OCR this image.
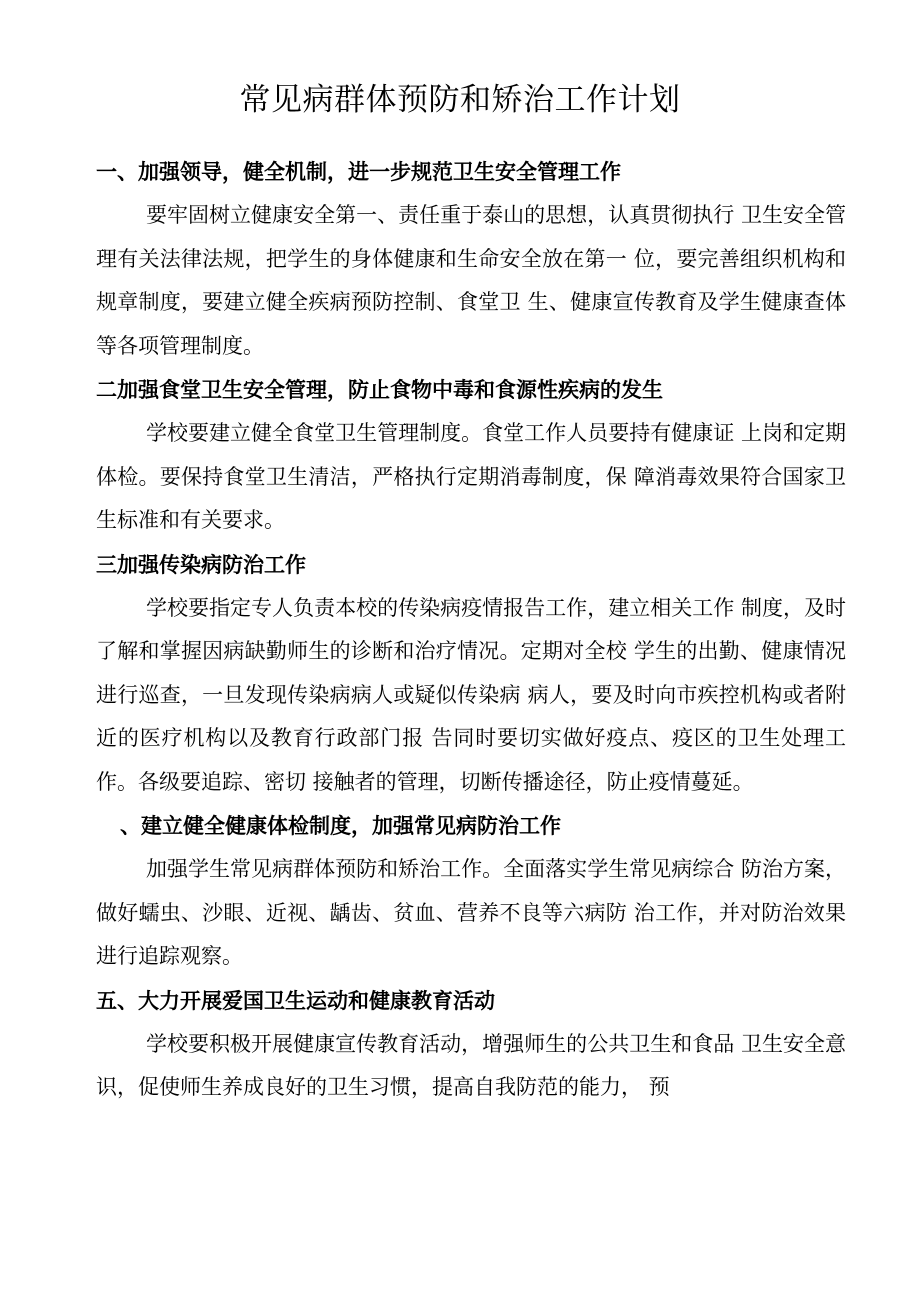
常见病群体预防和矫治工作计划

一、加强领导，健全机制，进一步规范卫生安全管理工作

要牢固树立健康安全第一、责任重于泰山的思想，认真贯彻执行 卫生安全管理有关法律法规，把学生的身体健康和生命安全放在第一 位，要完善组织机构和规章制度，要建立健全疾病预防控制、食堂卫 生、健康宣传教育及学生健康查体等各项管理制度。

二加强食堂卫生安全管理，防止食物中毒和食源性疾病的发生

学校要建立健全食堂卫生管理制度。食堂工作人员要持有健康证 上岗和定期体检。要保持食堂卫生清洁，严格执行定期消毒制度，保 障消毒效果符合国家卫生标准和有关要求。

三加强传染病防治工作

学校要指定专人负责本校的传染病疫情报告工作，建立相关工作 制度，及时了解和掌握因病缺勤师生的诊断和治疗情况。定期对全校 学生的出勤、健康情况进行巡查，一旦发现传染病病人或疑似传染病 病人，要及时向市疾控机构或者附近的医疗机构以及教育行政部门报 告同时要切实做好疫点、疫区的卫生处理工作。各级要追踪、密切 接触者的管理，切断传播途径，防止疫情蔓延。

、建立健全健康体检制度，加强常见病防治工作

加强学生常见病群体预防和矫治工作。全面落实学生常见病综合 防治方案，做好蠕虫、沙眼、近视、龋齿、贫血、营养不良等六病防 治工作，并对防治效果进行追踪观察。

五、大力开展爱国卫生运动和健康教育活动

学校要积极开展健康宣传教育活动，增强师生的公共卫生和食品 卫生安全意识，促使师生养成良好的卫生习惯，提高自我防范的能力， 预
